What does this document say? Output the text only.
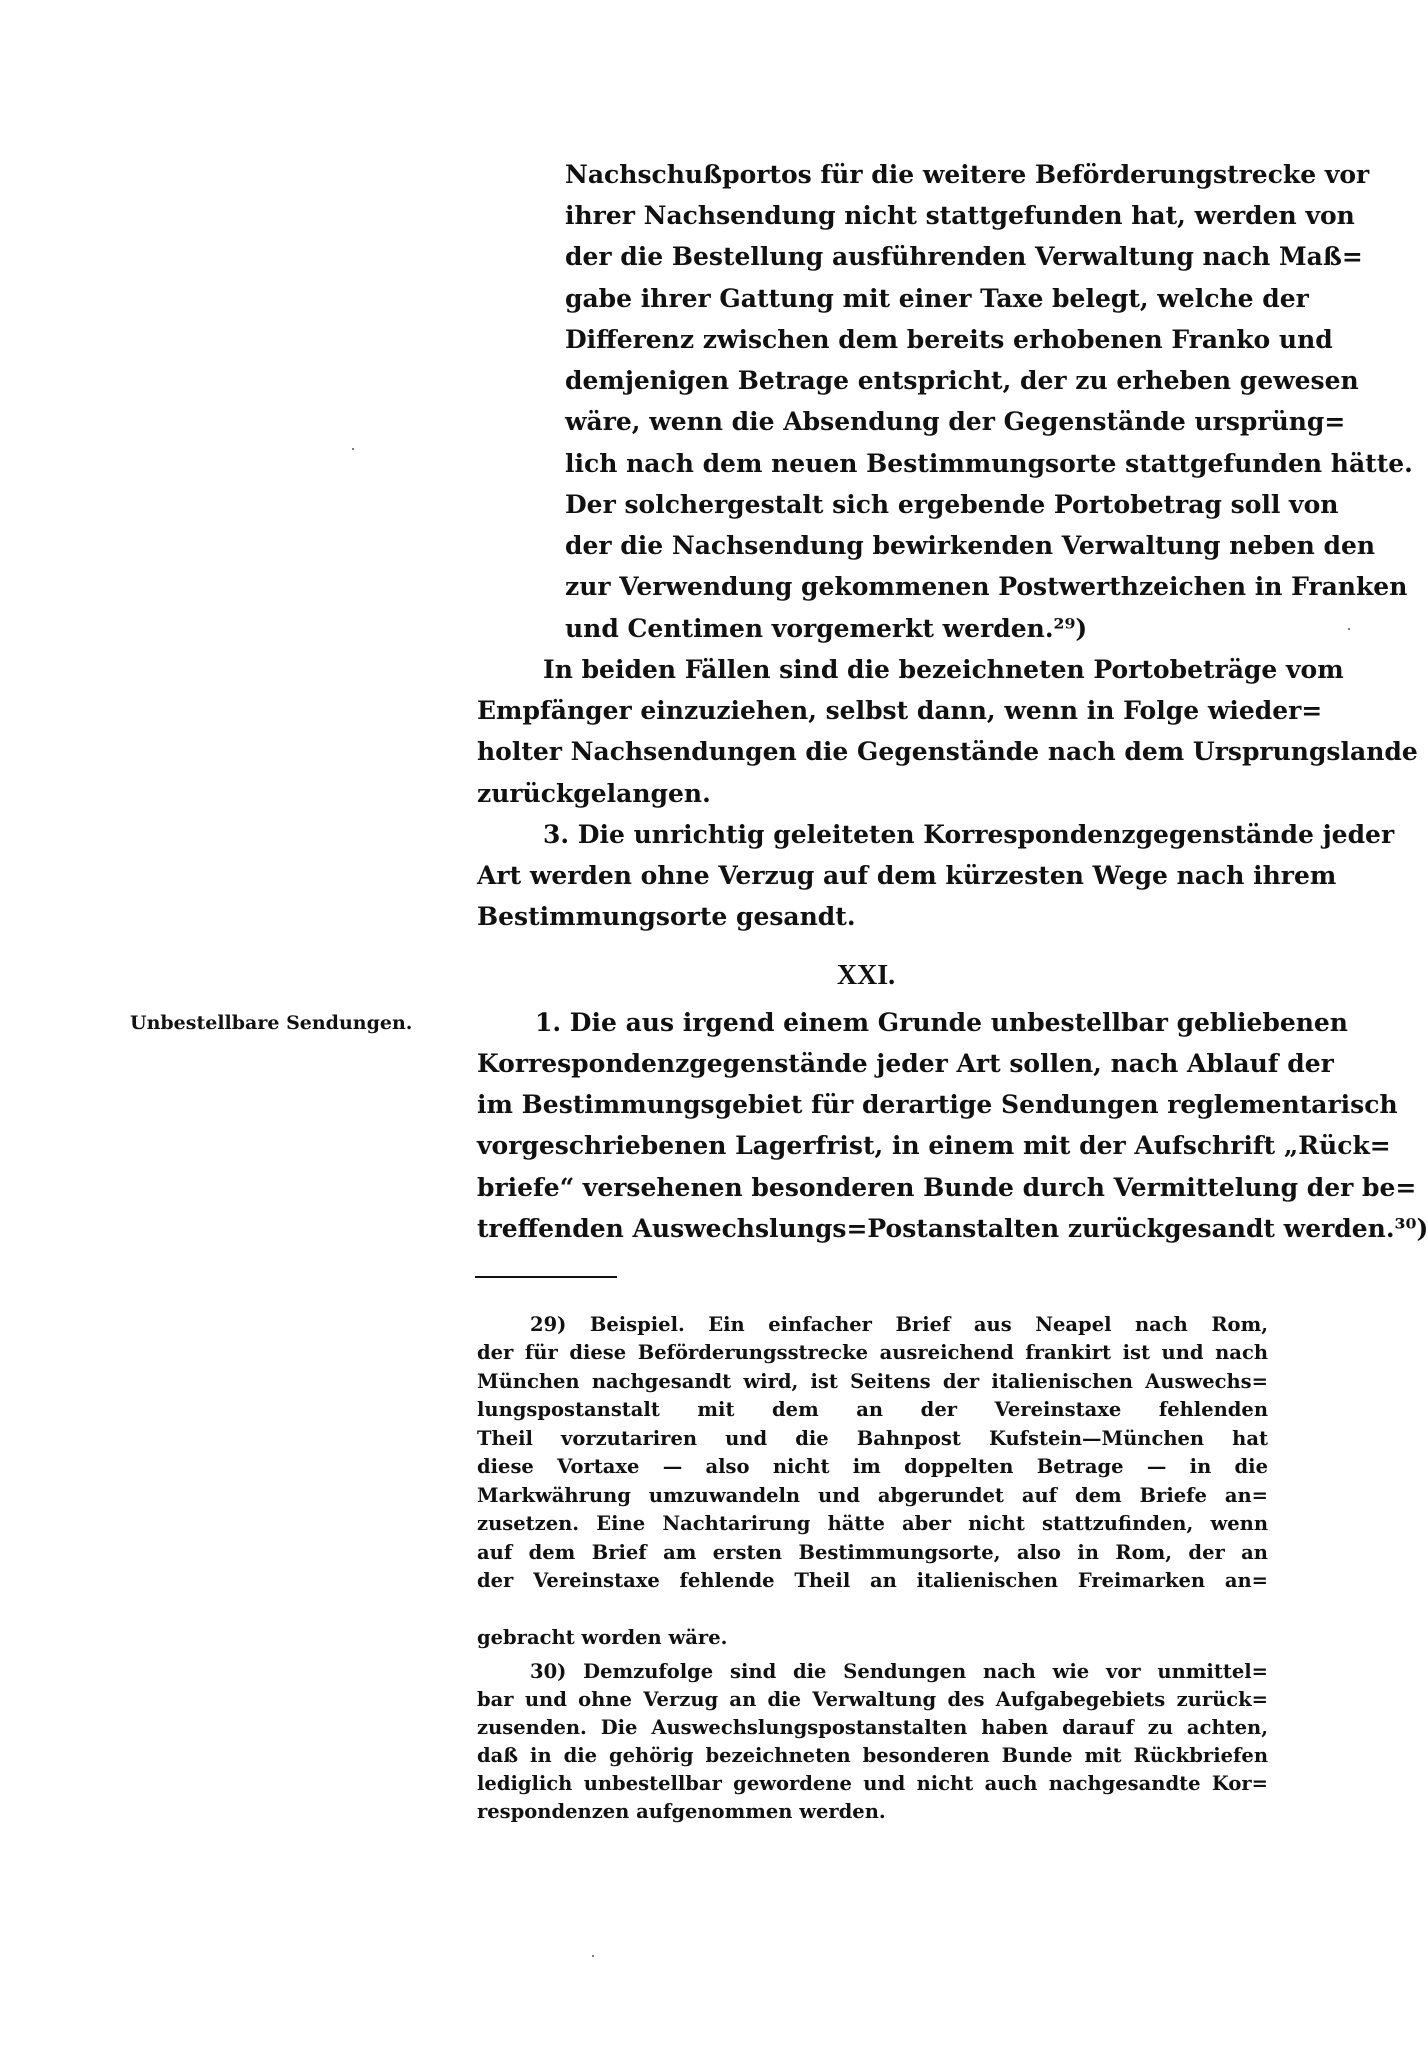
Nachschußportos für die weitere Beförderungstrecke vor
ihrer Nachsendung nicht stattgefunden hat, werden von
der die Bestellung ausführenden Verwaltung nach Maß=
gabe ihrer Gattung mit einer Taxe belegt, welche der
Differenz zwischen dem bereits erhobenen Franko und
demjenigen Betrage entspricht, der zu erheben gewesen
wäre, wenn die Absendung der Gegenstände ursprüng=
lich nach dem neuen Bestimmungsorte stattgefunden hätte.
Der solchergestalt sich ergebende Portobetrag soll von
der die Nachsendung bewirkenden Verwaltung neben den
zur Verwendung gekommenen Postwerthzeichen in Franken
und Centimen vorgemerkt werden.²⁹)
In beiden Fällen sind die bezeichneten Portobeträge vom
Empfänger einzuziehen, selbst dann, wenn in Folge wieder=
holter Nachsendungen die Gegenstände nach dem Ursprungslande
zurückgelangen.
3. Die unrichtig geleiteten Korrespondenzgegenstände jeder
Art werden ohne Verzug auf dem kürzesten Wege nach ihrem
Bestimmungsorte gesandt.
XXI.
Unbestellbare Sendungen.	1. Die aus irgend einem Grunde unbestellbar gebliebenen
Korrespondenzgegenstände jeder Art sollen, nach Ablauf der
im Bestimmungsgebiet für derartige Sendungen reglementarisch
vorgeschriebenen Lagerfrist, in einem mit der Aufschrift „Rück=
briefe“ versehenen besonderen Bunde durch Vermittelung der be=
treffenden Auswechslungs=Postanstalten zurückgesandt werden.³⁰)
29) Beispiel. Ein einfacher Brief aus Neapel nach Rom,
der für diese Beförderungsstrecke ausreichend frankirt ist und nach
München nachgesandt wird, ist Seitens der italienischen Auswechs=
lungspostanstalt mit dem an der Vereinstaxe fehlenden
Theil vorzutariren und die Bahnpost Kufstein—München hat
diese Vortaxe — also nicht im doppelten Betrage — in die
Markwährung umzuwandeln und abgerundet auf dem Briefe an=
zusetzen. Eine Nachtarirung hätte aber nicht stattzufinden, wenn
auf dem Brief am ersten Bestimmungsorte, also in Rom, der an
der Vereinstaxe fehlende Theil an italienischen Freimarken an=
gebracht worden wäre.
30) Demzufolge sind die Sendungen nach wie vor unmittel=
bar und ohne Verzug an die Verwaltung des Aufgabegebiets zurück=
zusenden. Die Auswechslungspostanstalten haben darauf zu achten,
daß in die gehörig bezeichneten besonderen Bunde mit Rückbriefen
lediglich unbestellbar gewordene und nicht auch nachgesandte Kor=
respondenzen aufgenommen werden.
